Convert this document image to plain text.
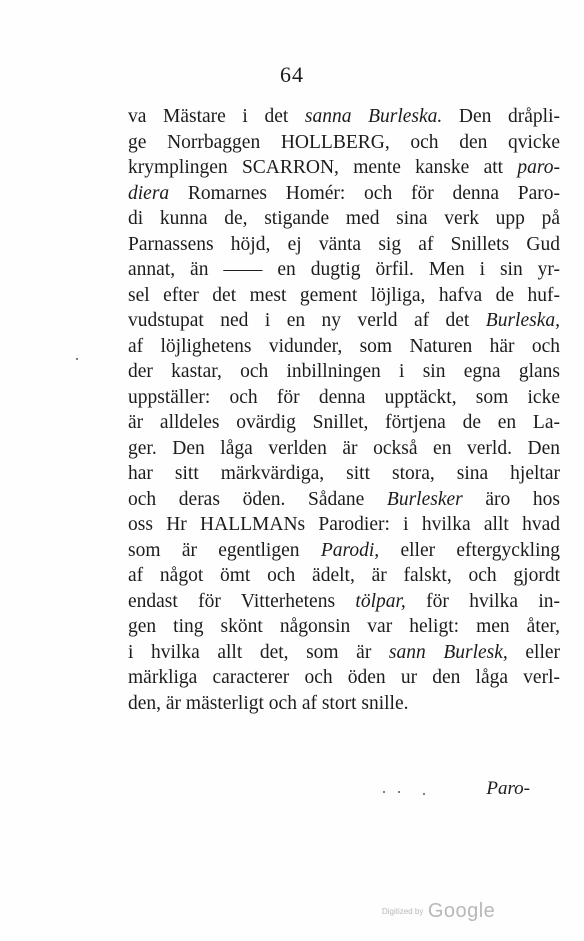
64
va Mästare i det sanna Burleska. Den dråpli-
ge Norrbaggen HOLLBERG, och den qvicke
krymplingen SCARRON, mente kanske att paro-
diera Romarnes Homér: och för denna Paro-
di kunna de, stigande med sina verk upp på
Parnassens höjd, ej vänta sig af Snillets Gud
annat, än —— en dugtig örfil. Men i sin yr-
sel efter det mest gement löjliga, hafva de huf-
vudstupat ned i en ny verld af det Burleska,
af löjlighetens vidunder, som Naturen här och
der kastar, och inbillningen i sin egna glans
uppställer: och för denna upptäckt, som icke
är alldeles ovärdig Snillet, förtjena de en La-
ger. Den låga verlden är också en verld. Den
har sitt märkvärdiga, sitt stora, sina hjeltar
och deras öden. Sådane Burlesker äro hos
oss Hr HALLMANs Parodier: i hvilka allt hvad
som är egentligen Parodi, eller eftergyckling
af något ömt och ädelt, är falskt, och gjordt
endast för Vitterhetens tölpar, för hvilka in-
gen ting skönt någonsin var heligt: men åter,
i hvilka allt det, som är sann Burlesk, eller
märkliga caracterer och öden ur den låga verl-
den, är mästerligt och af stort snille.
Paro-
Digitized by Google
